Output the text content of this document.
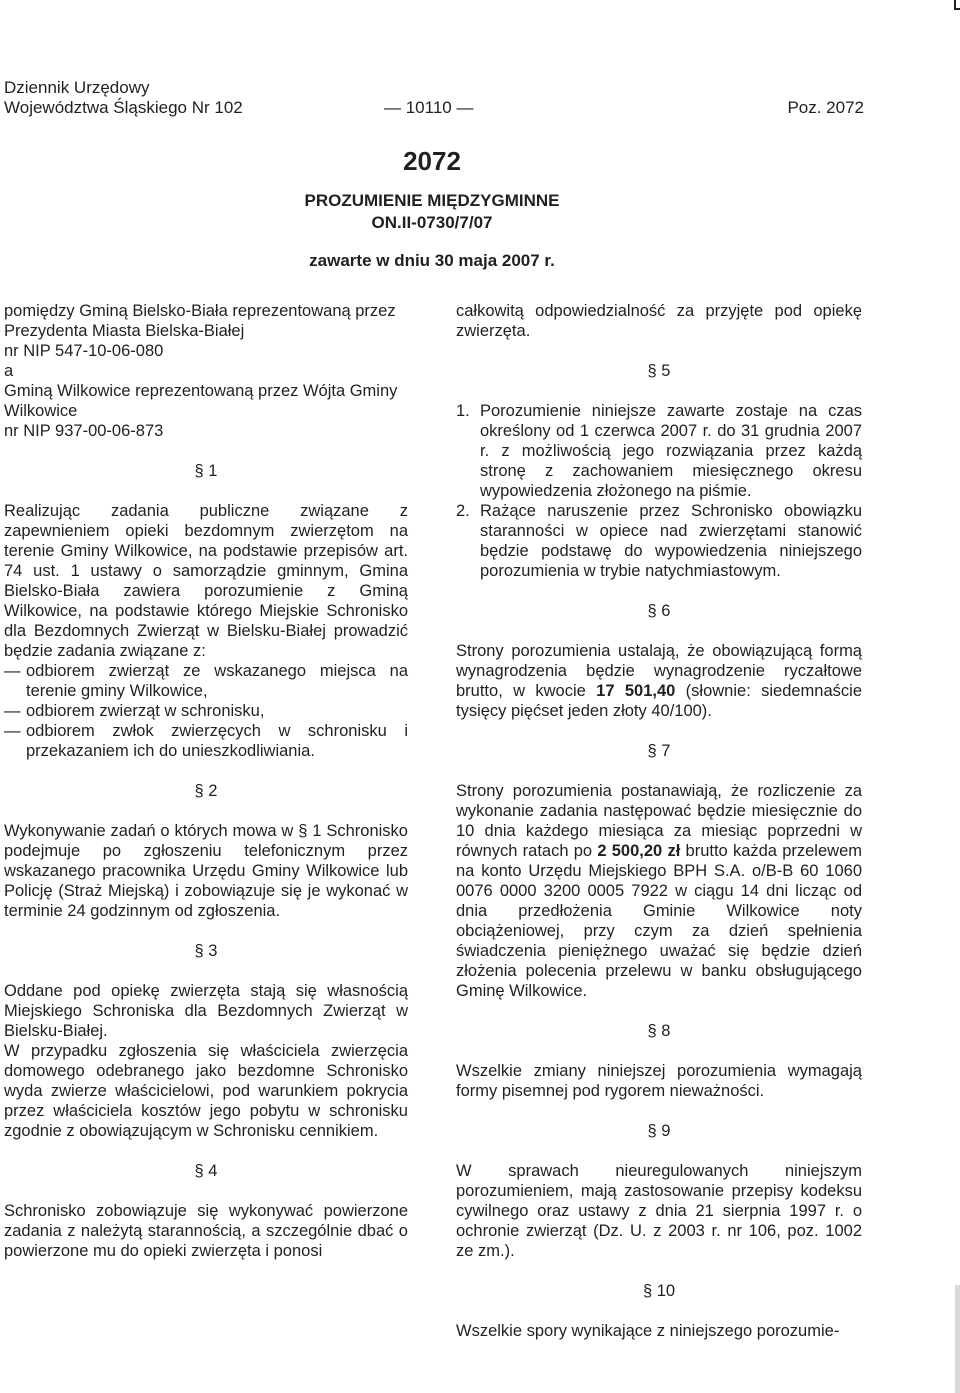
Dziennik Urzędowy
Województwa Śląskiego Nr 102	— 10110 —	Poz. 2072
2072
PROZUMIENIE MIĘDZYGMINNE
ON.II-0730/7/07
zawarte w dniu 30 maja 2007 r.

pomiędzy Gminą Bielsko-Biała reprezentowaną przez Prezydenta Miasta Bielska-Białej

nr NIP 547-10-06-080

a

Gminą Wilkowice reprezentowaną przez Wójta Gminy Wilkowice

nr NIP 937-00-06-873

§ 1

Realizując zadania publiczne związane z zapewnieniem opieki bezdomnym zwierzętom na terenie Gminy Wilkowice, na podstawie przepisów art. 74 ust. 1 ustawy o samorządzie gminnym, Gmina Bielsko-Biała zawiera porozumienie z Gminą Wilkowice, na podstawie którego Miejskie Schronisko dla Bezdomnych Zwierząt w Bielsku-Białej prowadzić będzie zadania związane z:

— odbiorem zwierząt ze wskazanego miejsca na terenie gminy Wilkowice,
— odbiorem zwierząt w schronisku,
— odbiorem zwłok zwierzęcych w schronisku i przekazaniem ich do unieszkodliwiania.
§ 2

Wykonywanie zadań o których mowa w § 1 Schronisko podejmuje po zgłoszeniu telefonicznym przez wskazanego pracownika Urzędu Gminy Wilkowice lub Policję (Straż Miejską) i zobowiązuje się je wykonać w terminie 24 godzinnym od zgłoszenia.

§ 3

Oddane pod opiekę zwierzęta stają się własnością Miejskiego Schroniska dla Bezdomnych Zwierząt w Bielsku-Białej.

W przypadku zgłoszenia się właściciela zwierzęcia domowego odebranego jako bezdomne Schronisko wyda zwierze właścicielowi, pod warunkiem pokrycia przez właściciela kosztów jego pobytu w schronisku zgodnie z obowiązującym w Schronisku cennikiem.

§ 4

Schronisko zobowiązuje się wykonywać powierzone zadania z należytą starannością, a szczególnie dbać o powierzone mu do opieki zwierzęta i ponosi

całkowitą odpowiedzialność za przyjęte pod opiekę zwierzęta.

§ 5
1. Porozumienie niniejsze zawarte zostaje na czas określony od 1 czerwca 2007 r. do 31 grudnia 2007 r. z możliwością jego rozwiązania przez każdą stronę z zachowaniem miesięcznego okresu wypowiedzenia złożonego na piśmie.
2. Rażące naruszenie przez Schronisko obowiązku staranności w opiece nad zwierzętami stanowić będzie podstawę do wypowiedzenia niniejszego porozumienia w trybie natychmiastowym.
§ 6

Strony porozumienia ustalają, że obowiązującą formą wynagrodzenia będzie wynagrodzenie ryczałtowe brutto, w kwocie 17 501,40 (słownie: siedemnaście tysięcy pięćset jeden złoty 40/100).

§ 7

Strony porozumienia postanawiają, że rozliczenie za wykonanie zadania następować będzie miesięcznie do 10 dnia każdego miesiąca za miesiąc poprzedni w równych ratach po 2 500,20 zł brutto każda przelewem na konto Urzędu Miejskiego BPH S.A. o/B-B 60 1060 0076 0000 3200 0005 7922 w ciągu 14 dni licząc od dnia przedłożenia Gminie Wilkowice noty obciążeniowej, przy czym za dzień spełnienia świadczenia pieniężnego uważać się będzie dzień złożenia polecenia przelewu w banku obsługującego Gminę Wilkowice.

§ 8

Wszelkie zmiany niniejszej porozumienia wymagają formy pisemnej pod rygorem nieważności.

§ 9

W sprawach nieuregulowanych niniejszym porozumieniem, mają zastosowanie przepisy kodeksu cywilnego oraz ustawy z dnia 21 sierpnia 1997 r. o ochronie zwierząt (Dz. U. z 2003 r. nr 106, poz. 1002 ze zm.).

§ 10

Wszelkie spory wynikające z niniejszego porozumie-
